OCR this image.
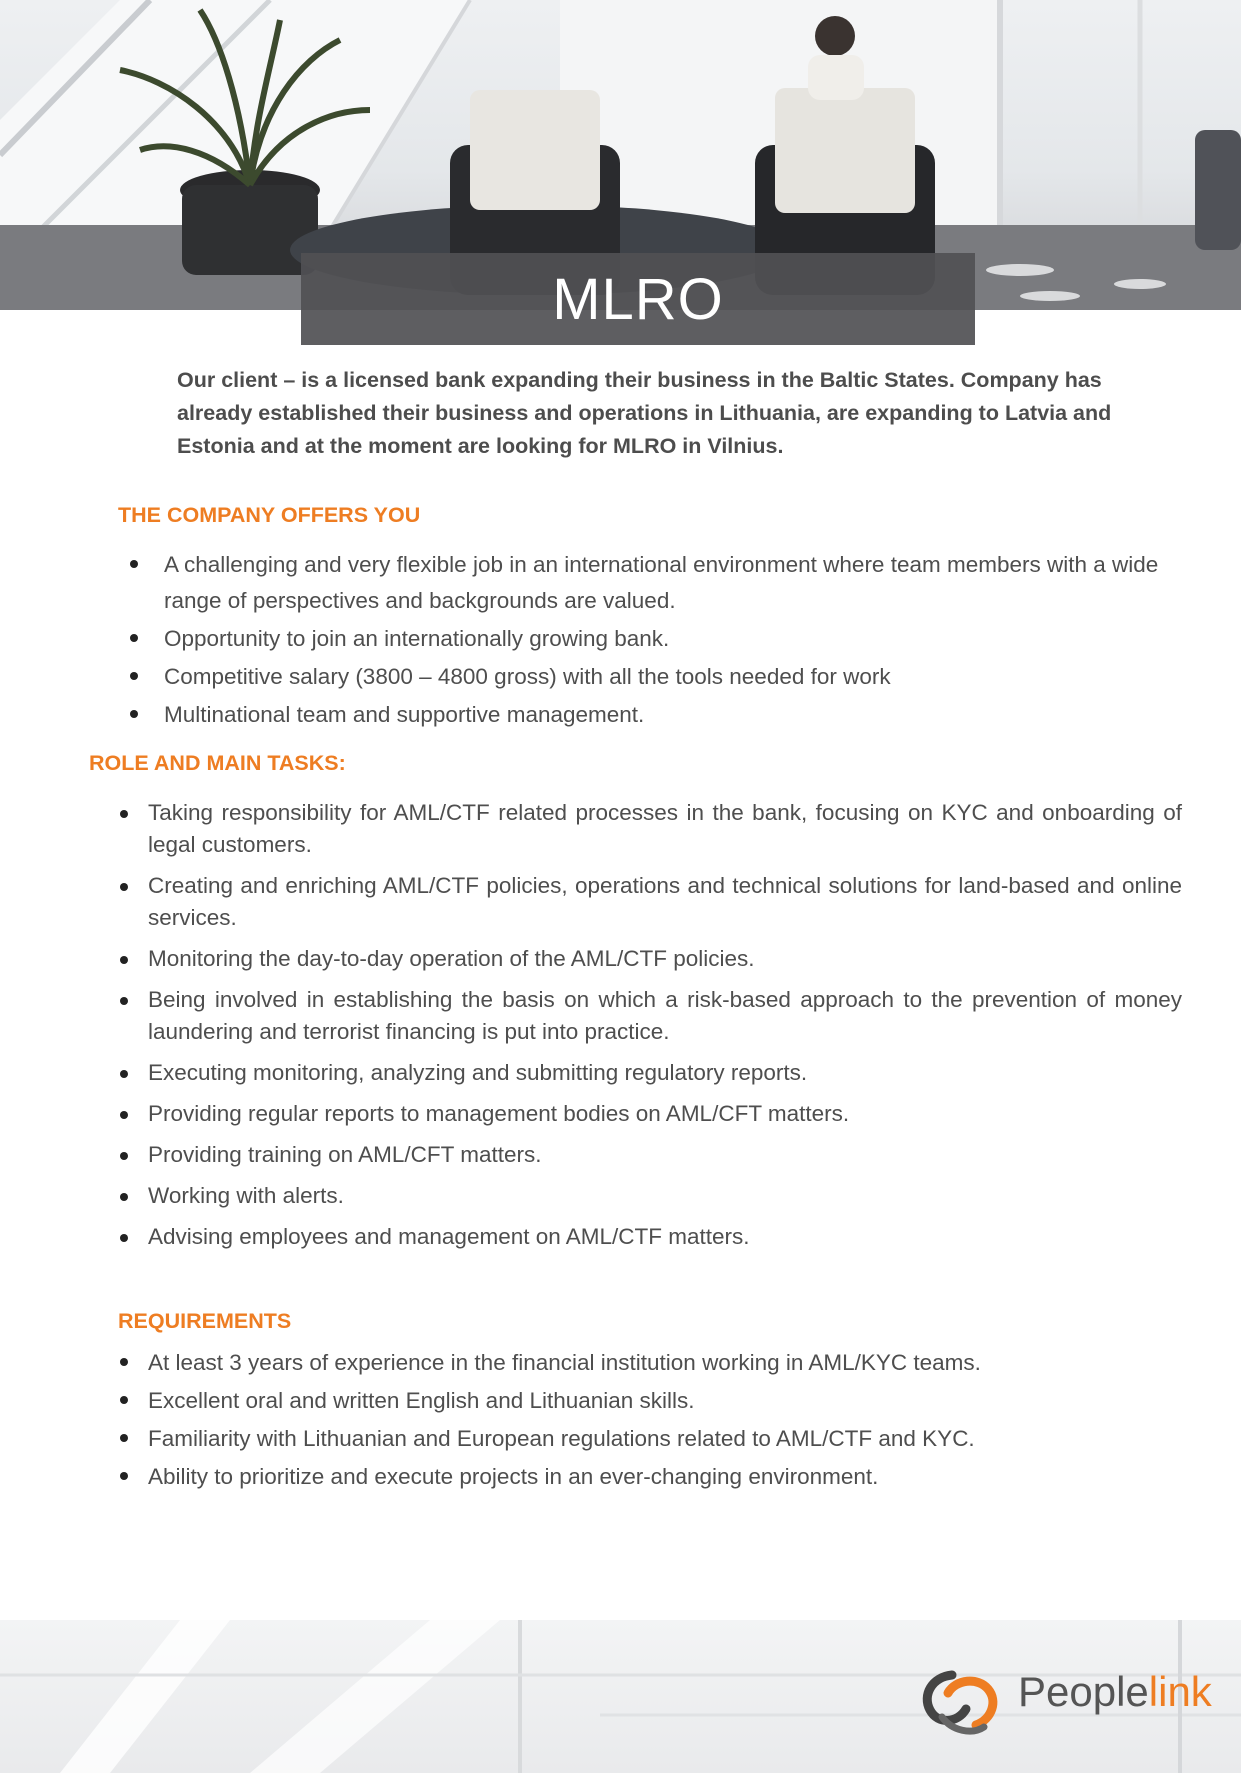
MLRO
Our client – is a licensed bank expanding their business in the Baltic States. Company has already established their business and operations in Lithuania, are expanding to Latvia and Estonia and at the moment are looking for MLRO in Vilnius.
THE COMPANY OFFERS YOU
A challenging and very flexible job in an international environment where team members with a wide range of perspectives and backgrounds are valued.
Opportunity to join an internationally growing bank.
Competitive salary (3800 – 4800 gross) with all the tools needed for work
Multinational team and supportive management.
ROLE AND MAIN TASKS:
Taking responsibility for AML/CTF related processes in the bank, focusing on KYC and onboarding of legal customers.
Creating and enriching AML/CTF policies, operations and technical solutions for land-based and online services.
Monitoring the day-to-day operation of the AML/CTF policies.
Being involved in establishing the basis on which a risk-based approach to the prevention of money laundering and terrorist financing is put into practice.
Executing monitoring, analyzing and submitting regulatory reports.
Providing regular reports to management bodies on AML/CFT matters.
Providing training on AML/CFT matters.
Working with alerts.
Advising employees and management on AML/CTF matters.
REQUIREMENTS
At least 3 years of experience in the financial institution working in AML/KYC teams.
Excellent oral and written English and Lithuanian skills.
Familiarity with Lithuanian and European regulations related to AML/CTF and KYC.
Ability to prioritize and execute projects in an ever-changing environment.
Peoplelink
